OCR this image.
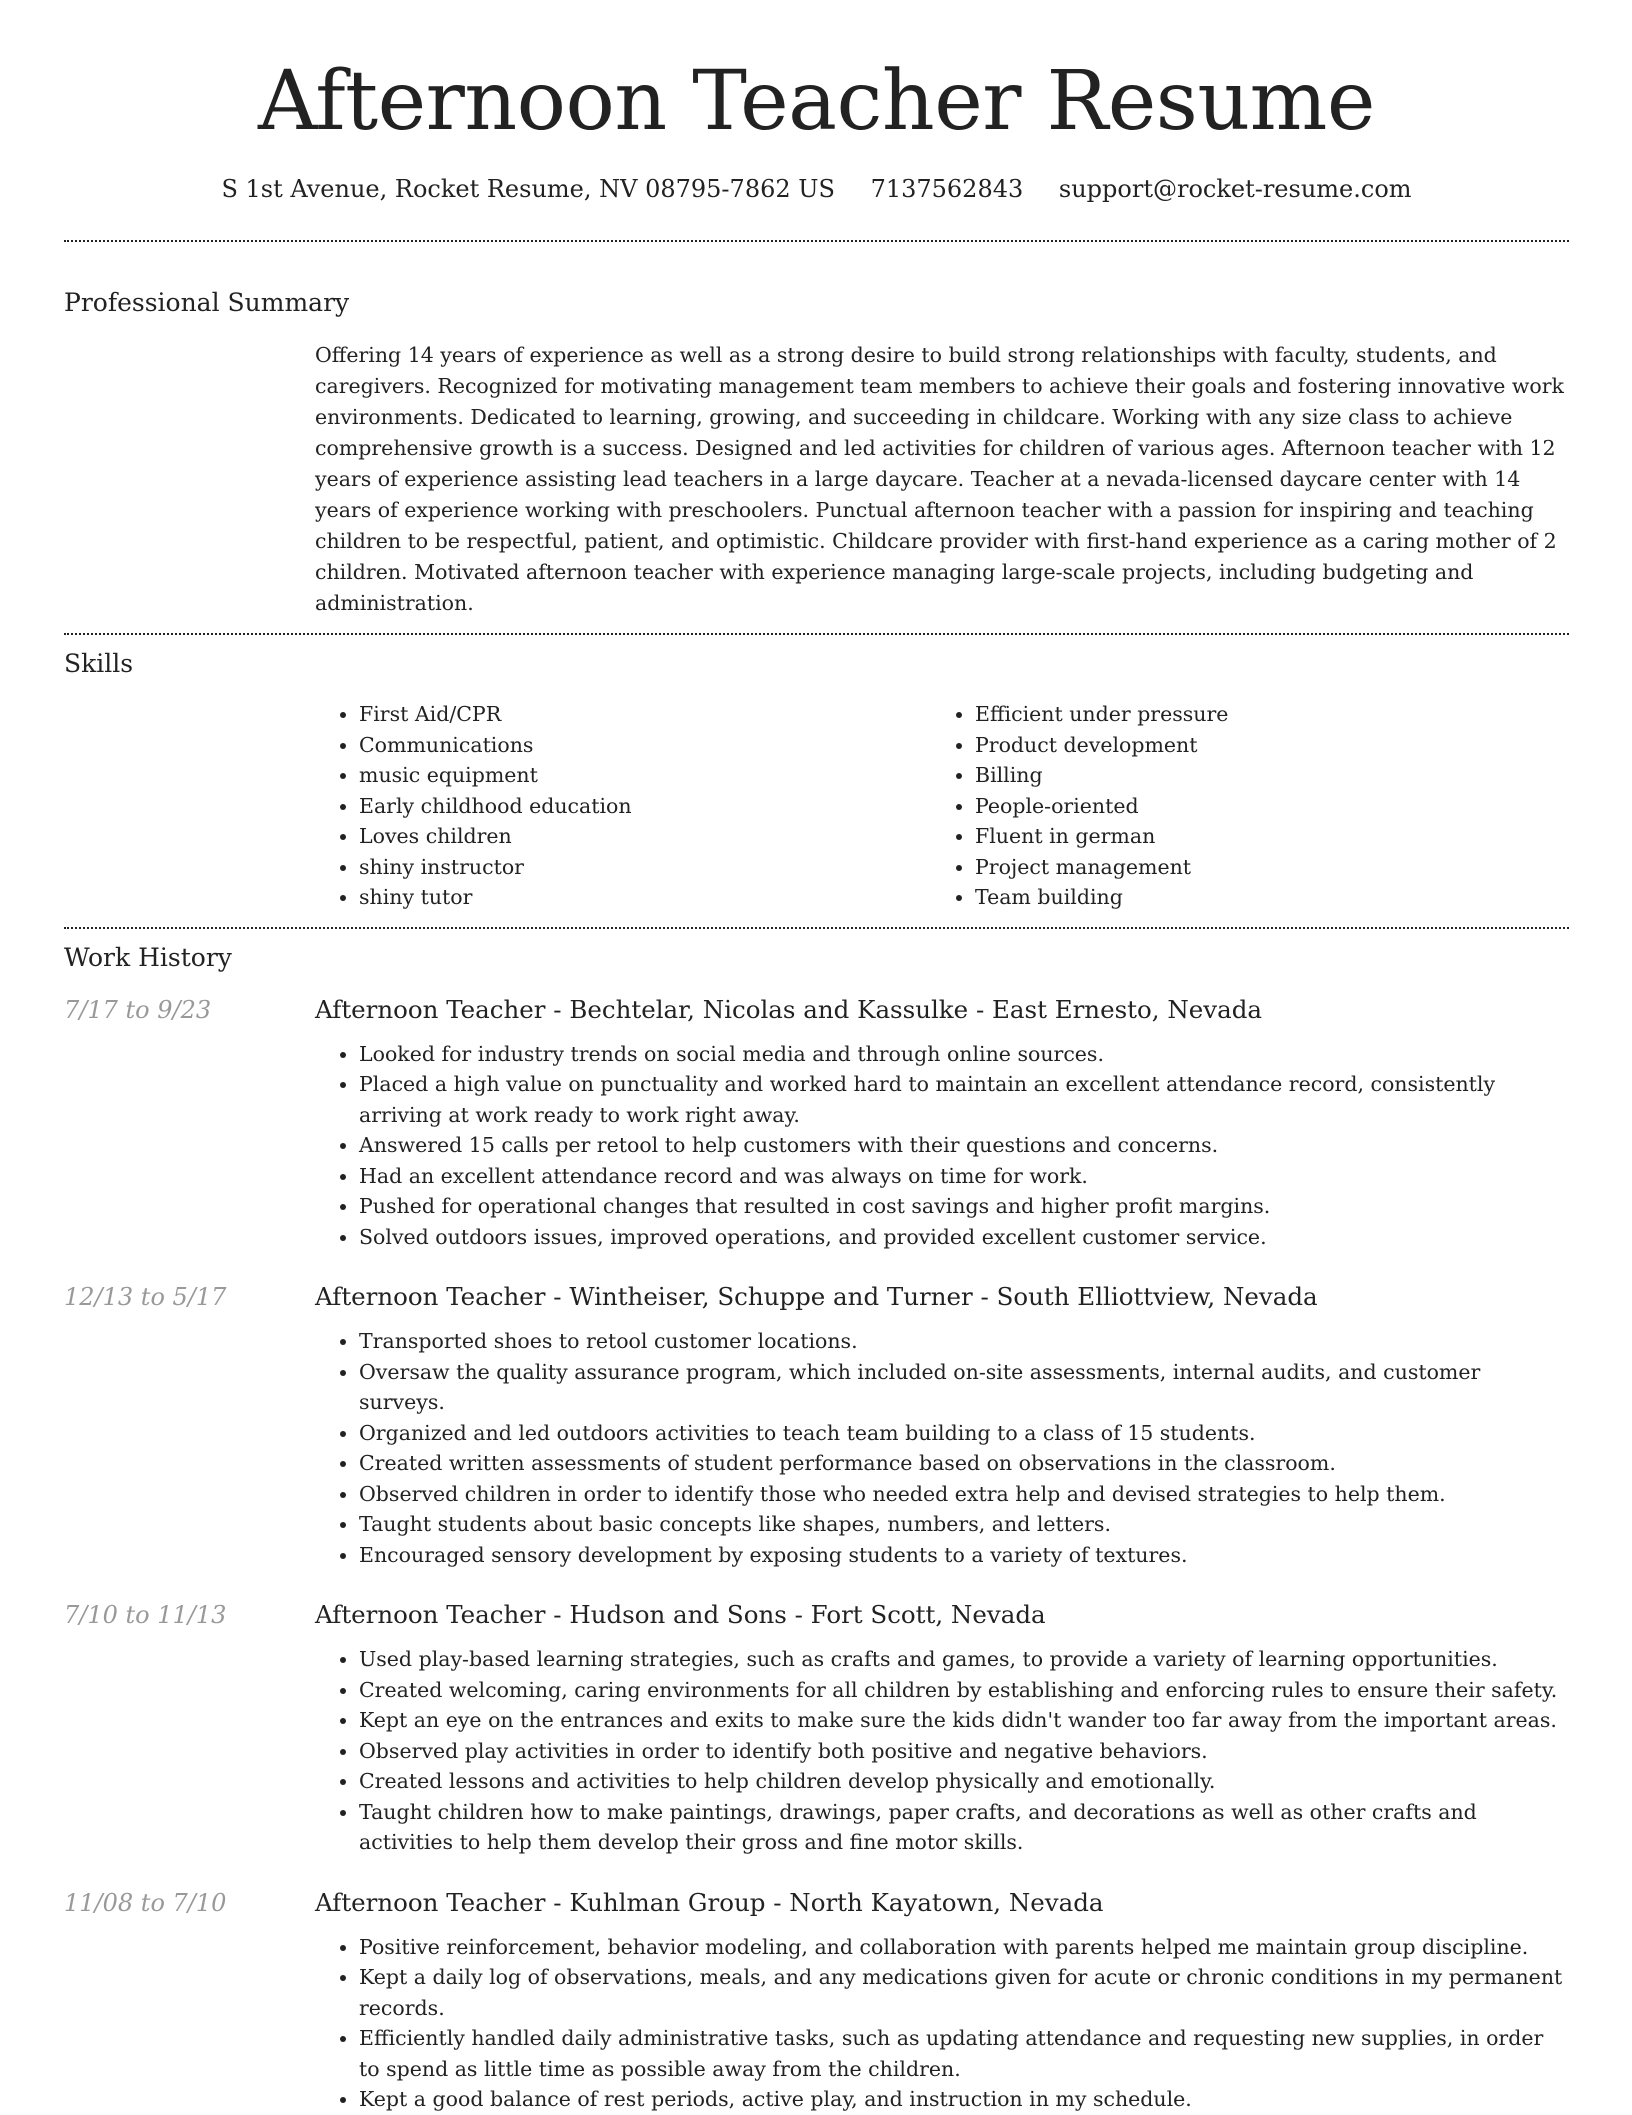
Afternoon Teacher Resume
S 1st Avenue, Rocket Resume, NV 08795-7862 US 7137562843 support@rocket-resume.com
Professional Summary
Offering 14 years of experience as well as a strong desire to build strong relationships with faculty, students, and caregivers. Recognized for motivating management team members to achieve their goals and fostering innovative work environments. Dedicated to learning, growing, and succeeding in childcare. Working with any size class to achieve comprehensive growth is a success. Designed and led activities for children of various ages. Afternoon teacher with 12 years of experience assisting lead teachers in a large daycare. Teacher at a nevada-licensed daycare center with 14 years of experience working with preschoolers. Punctual afternoon teacher with a passion for inspiring and teaching children to be respectful, patient, and optimistic. Childcare provider with first-hand experience as a caring mother of 2 children. Motivated afternoon teacher with experience managing large-scale projects, including budgeting and administration.
Skills
• First Aid/CPR
• Communications
• music equipment
• Early childhood education
• Loves children
• shiny instructor
• shiny tutor
• Efficient under pressure
• Product development
• Billing
• People-oriented
• Fluent in german
• Project management
• Team building
Work History
7/17 to 9/23	Afternoon Teacher - Bechtelar, Nicolas and Kassulke - East Ernesto, Nevada
• Looked for industry trends on social media and through online sources.
• Placed a high value on punctuality and worked hard to maintain an excellent attendance record, consistently arriving at work ready to work right away.
• Answered 15 calls per retool to help customers with their questions and concerns.
• Had an excellent attendance record and was always on time for work.
• Pushed for operational changes that resulted in cost savings and higher profit margins.
• Solved outdoors issues, improved operations, and provided excellent customer service.
12/13 to 5/17	Afternoon Teacher - Wintheiser, Schuppe and Turner - South Elliottview, Nevada
• Transported shoes to retool customer locations.
• Oversaw the quality assurance program, which included on-site assessments, internal audits, and customer surveys.
• Organized and led outdoors activities to teach team building to a class of 15 students.
• Created written assessments of student performance based on observations in the classroom.
• Observed children in order to identify those who needed extra help and devised strategies to help them.
• Taught students about basic concepts like shapes, numbers, and letters.
• Encouraged sensory development by exposing students to a variety of textures.
7/10 to 11/13	Afternoon Teacher - Hudson and Sons - Fort Scott, Nevada
• Used play-based learning strategies, such as crafts and games, to provide a variety of learning opportunities.
• Created welcoming, caring environments for all children by establishing and enforcing rules to ensure their safety.
• Kept an eye on the entrances and exits to make sure the kids didn't wander too far away from the important areas.
• Observed play activities in order to identify both positive and negative behaviors.
• Created lessons and activities to help children develop physically and emotionally.
• Taught children how to make paintings, drawings, paper crafts, and decorations as well as other crafts and activities to help them develop their gross and fine motor skills.
11/08 to 7/10	Afternoon Teacher - Kuhlman Group - North Kayatown, Nevada
• Positive reinforcement, behavior modeling, and collaboration with parents helped me maintain group discipline.
• Kept a daily log of observations, meals, and any medications given for acute or chronic conditions in my permanent records.
• Efficiently handled daily administrative tasks, such as updating attendance and requesting new supplies, in order to spend as little time as possible away from the children.
• Kept a good balance of rest periods, active play, and instruction in my schedule.
